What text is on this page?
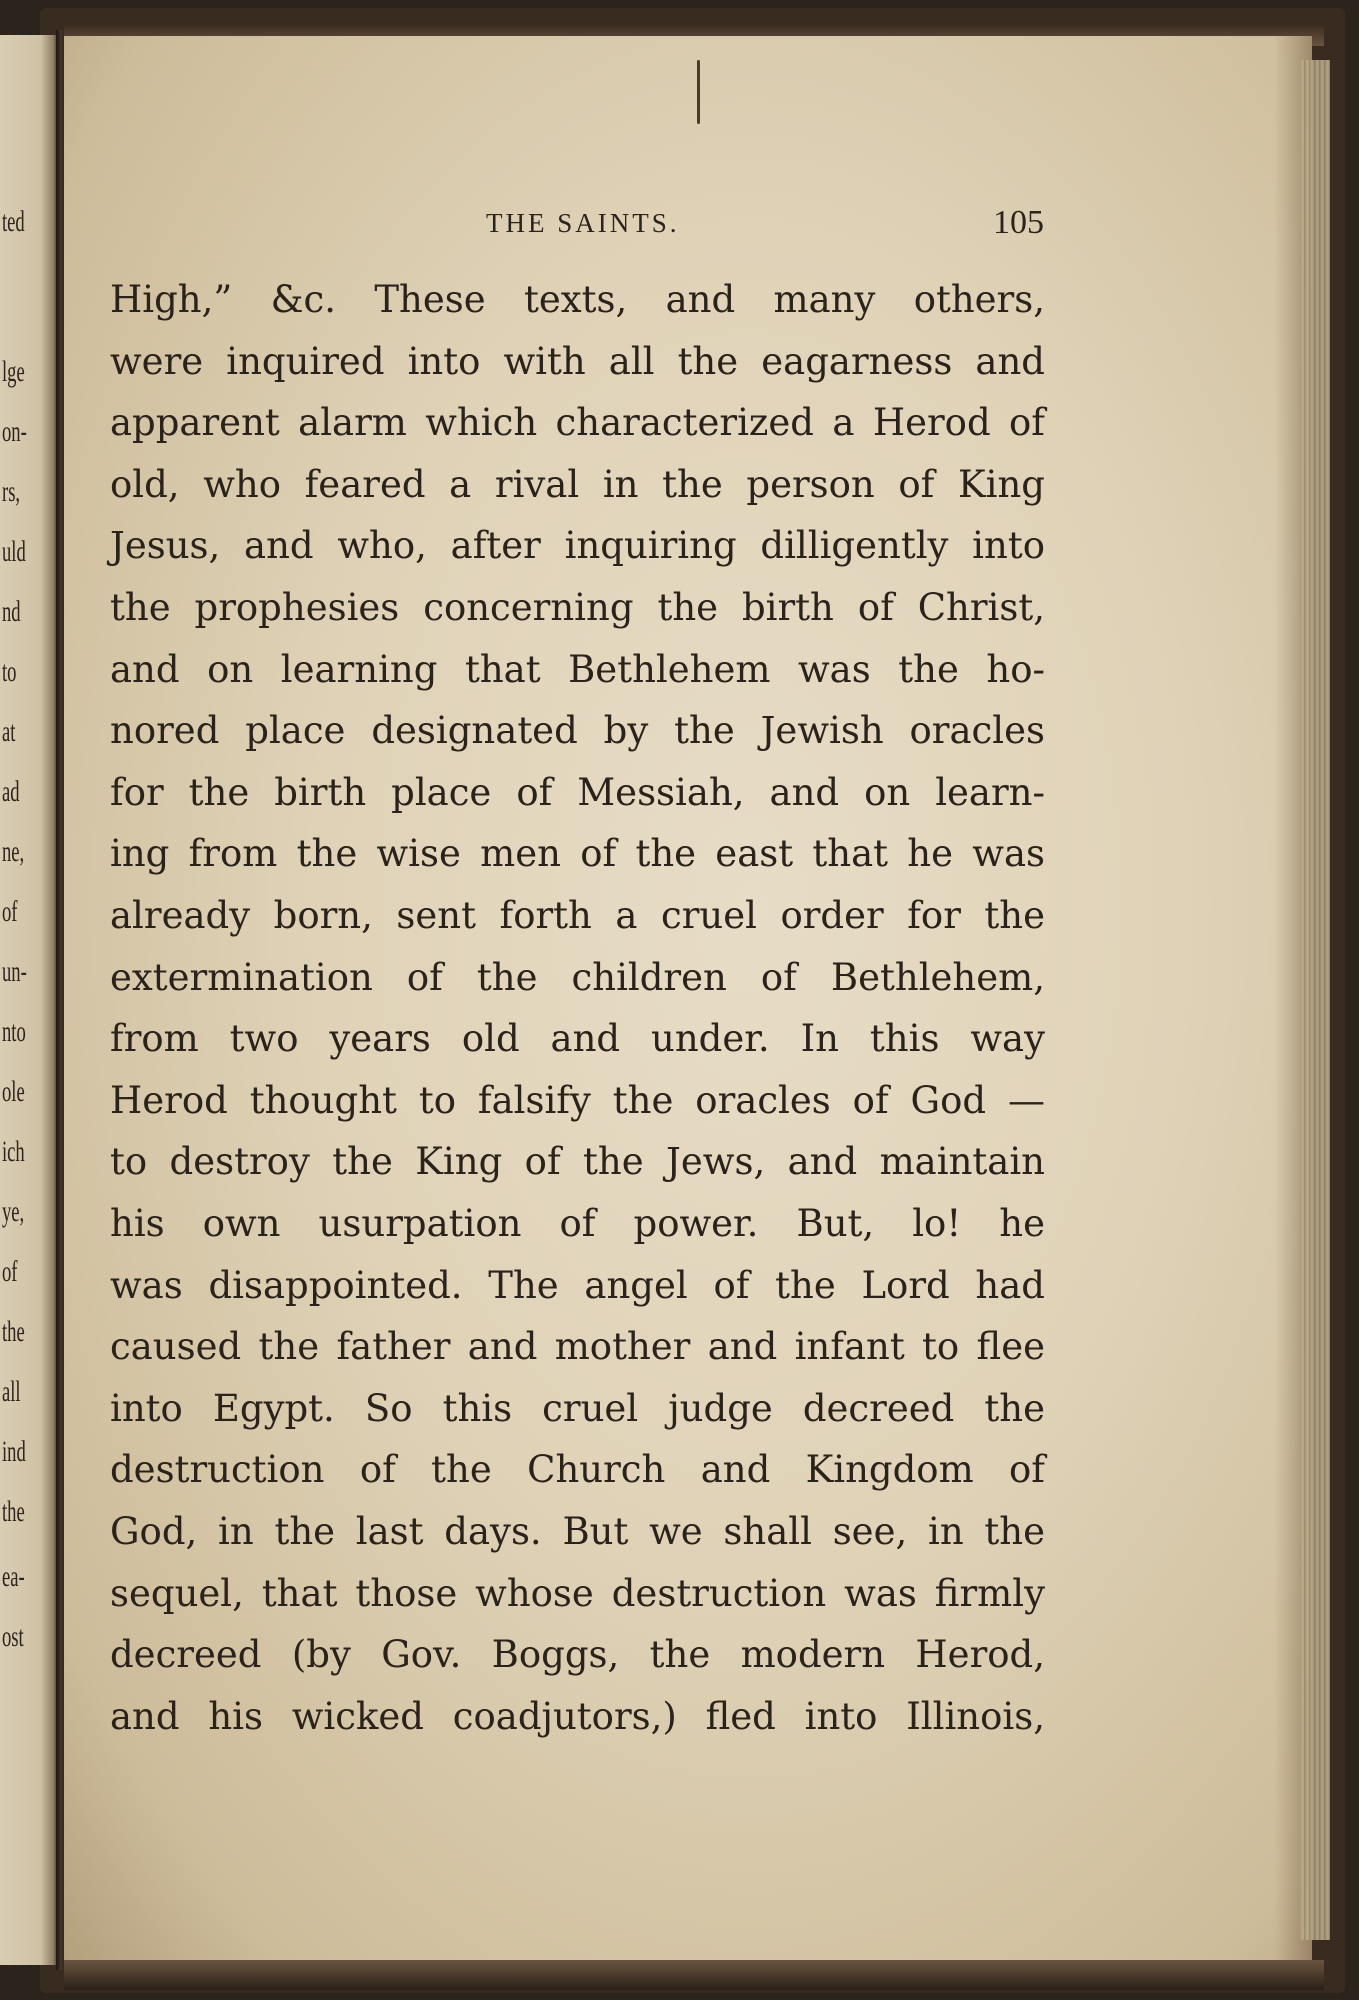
ted
lge
on-
rs,
uld
nd
to
at
ad
ne,
of
un-
nto
ole
ich
ye,
of
the
all
ind
the
ea-
ost
THE SAINTS.	105
High,” &c. These texts, and many others,
were inquired into with all the eagarness and
apparent alarm which characterized a Herod of
old, who feared a rival in the person of King
Jesus, and who, after inquiring dilligently into
the prophesies concerning the birth of Christ,
and on learning that Bethlehem was the ho-
nored place designated by the Jewish oracles
for the birth place of Messiah, and on learn-
ing from the wise men of the east that he was
already born, sent forth a cruel order for the
extermination of the children of Bethlehem,
from two years old and under. In this way
Herod thought to falsify the oracles of God —
to destroy the King of the Jews, and maintain
his own usurpation of power. But, lo! he
was disappointed. The angel of the Lord had
caused the father and mother and infant to flee
into Egypt. So this cruel judge decreed the
destruction of the Church and Kingdom of
God, in the last days. But we shall see, in the
sequel, that those whose destruction was firmly
decreed (by Gov. Boggs, the modern Herod,
and his wicked coadjutors,) fled into Illinois,
